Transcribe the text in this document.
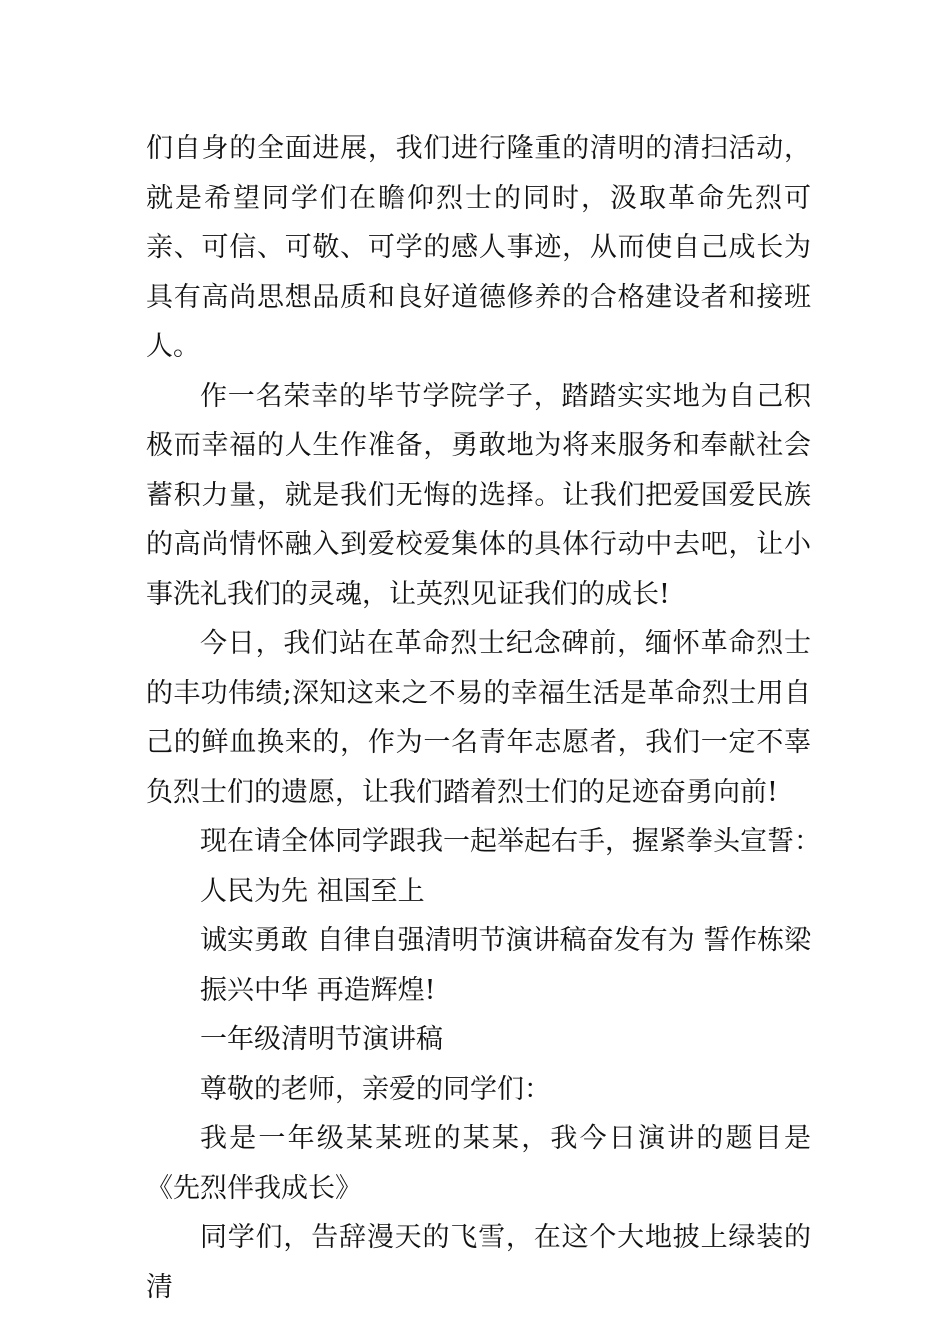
们自身的全面进展，我们进行隆重的清明的清扫活动，就是希望同学们在瞻仰烈士的同时，汲取革命先烈可亲、可信、可敬、可学的感人事迹，从而使自己成长为具有高尚思想品质和良好道德修养的合格建设者和接班人。

作一名荣幸的毕节学院学子，踏踏实实地为自己积极而幸福的人生作准备，勇敢地为将来服务和奉献社会蓄积力量，就是我们无悔的选择。让我们把爱国爱民族的高尚情怀融入到爱校爱集体的具体行动中去吧，让小事洗礼我们的灵魂，让英烈见证我们的成长!

今日，我们站在革命烈士纪念碑前，缅怀革命烈士的丰功伟绩;深知这来之不易的幸福生活是革命烈士用自己的鲜血换来的，作为一名青年志愿者，我们一定不辜负烈士们的遗愿，让我们踏着烈士们的足迹奋勇向前!

现在请全体同学跟我一起举起右手，握紧拳头宣誓：

人民为先 祖国至上

诚实勇敢 自律自强清明节演讲稿奋发有为 誓作栋梁

振兴中华 再造辉煌!

一年级清明节演讲稿

尊敬的老师，亲爱的同学们：

我是一年级某某班的某某，我今日演讲的题目是《先烈伴我成长》

同学们，告辞漫天的飞雪，在这个大地披上绿装的清
